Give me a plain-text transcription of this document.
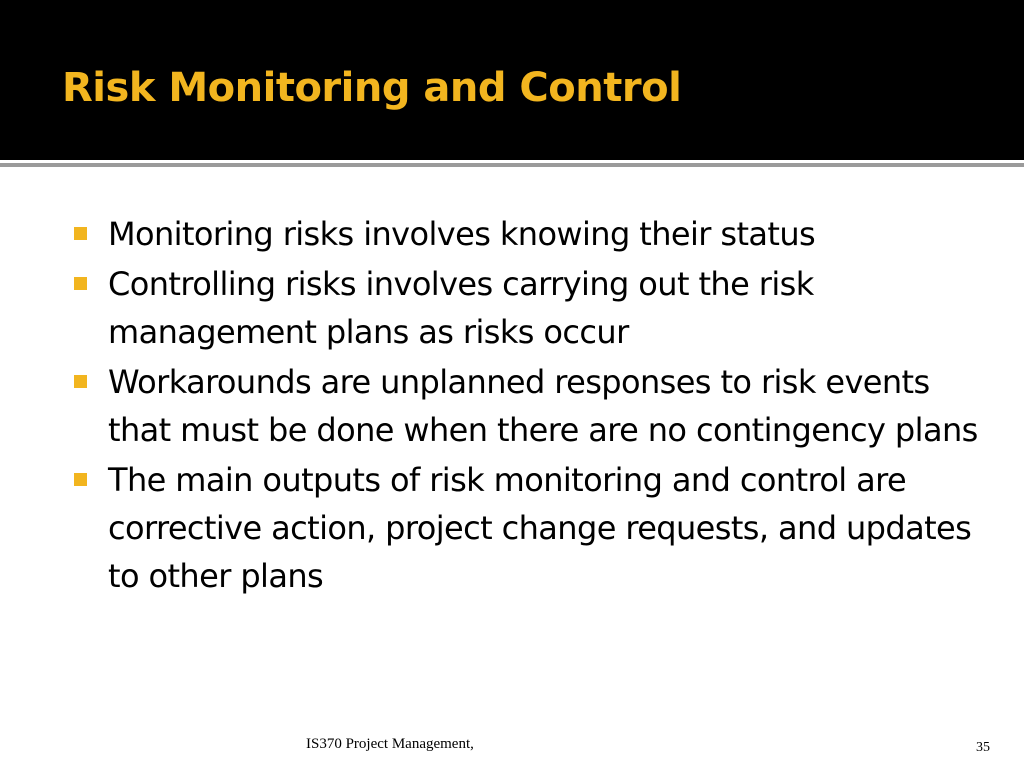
Risk Monitoring and Control
Monitoring risks involves knowing their status
Controlling risks involves carrying out the risk management plans as risks occur
Workarounds are unplanned responses to risk events that must be done when there are no contingency plans
The main outputs of risk monitoring and control are corrective action, project change requests, and updates to other plans
IS370 Project Management,	35
